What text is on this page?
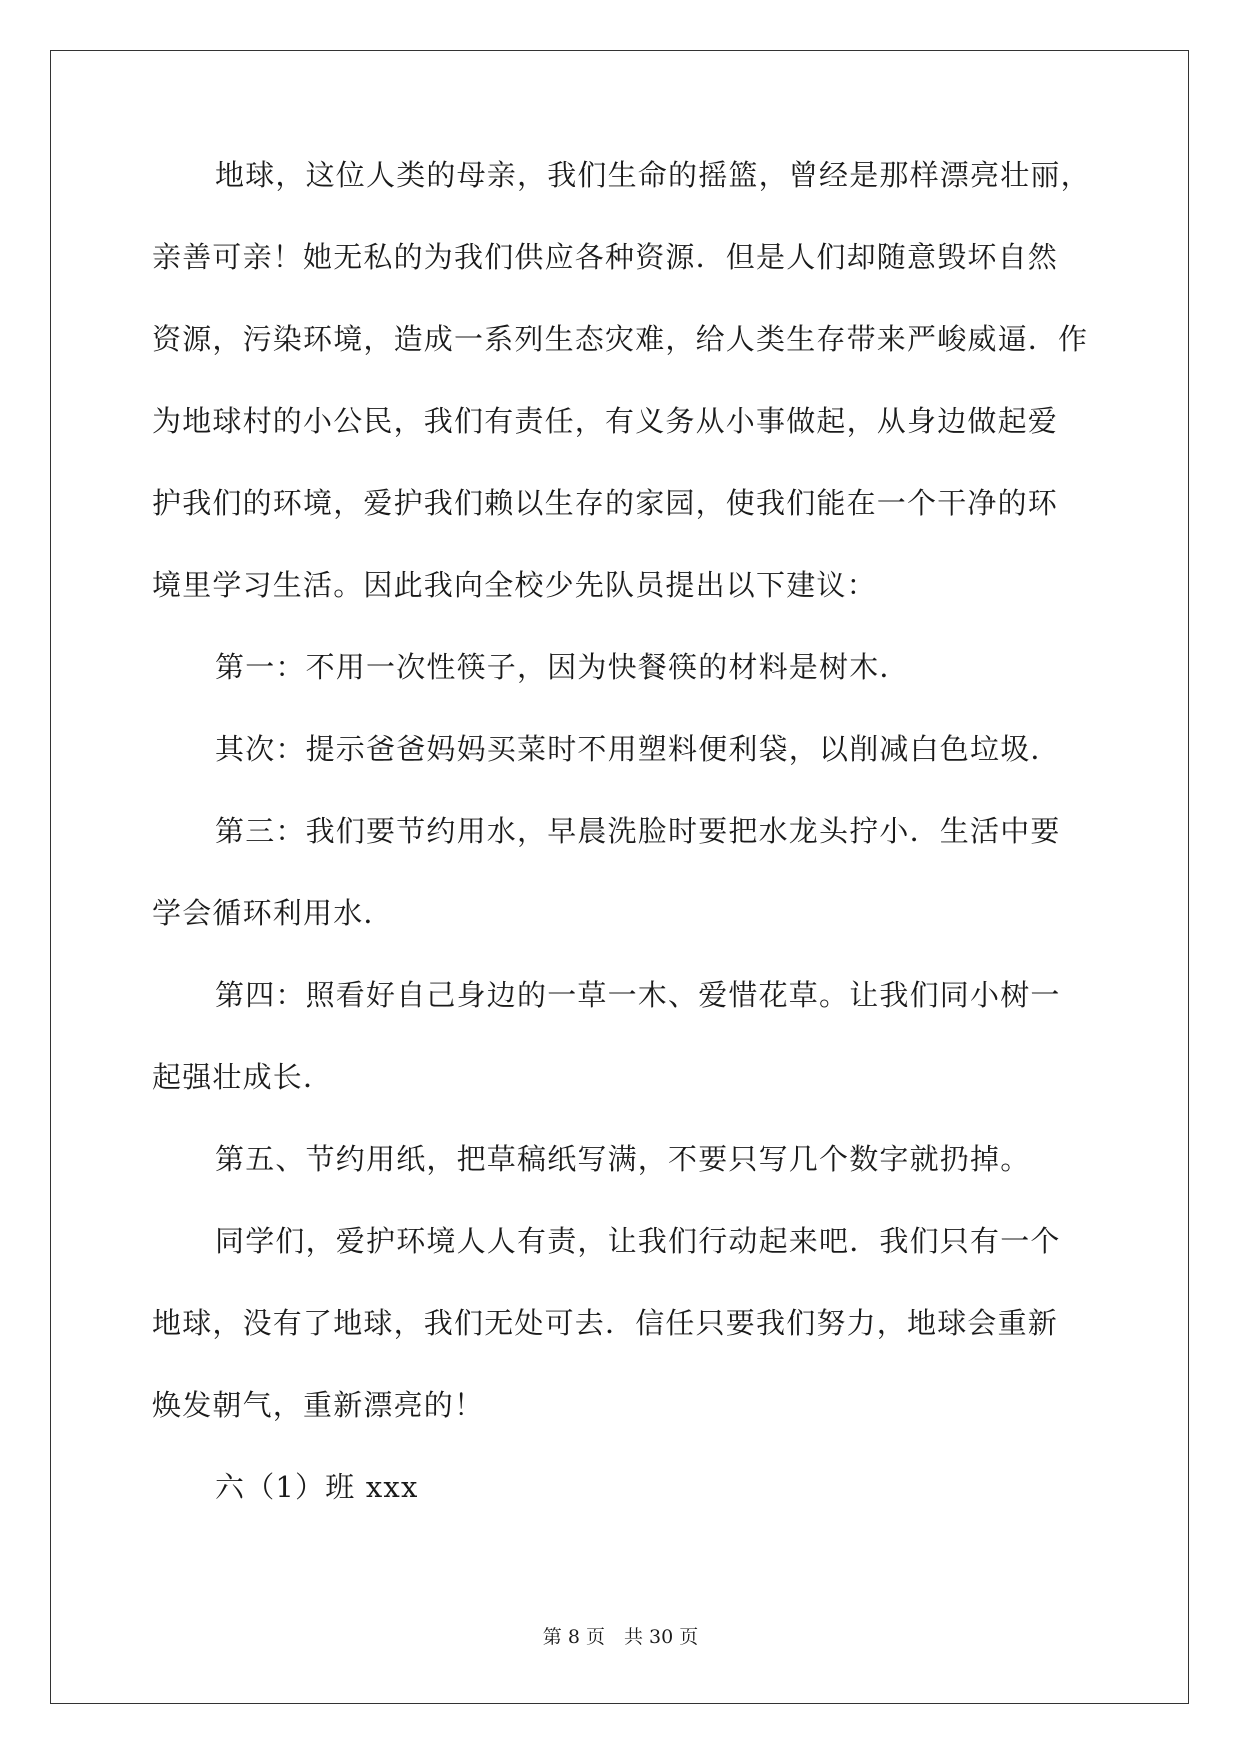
地球，这位人类的母亲，我们生命的摇篮，曾经是那样漂亮壮丽，
亲善可亲！她无私的为我们供应各种资源．但是人们却随意毁坏自然
资源，污染环境，造成一系列生态灾难，给人类生存带来严峻威逼．作
为地球村的小公民，我们有责任，有义务从小事做起，从身边做起爱
护我们的环境，爱护我们赖以生存的家园，使我们能在一个干净的环
境里学习生活。因此我向全校少先队员提出以下建议：
第一：不用一次性筷子，因为快餐筷的材料是树木．
其次：提示爸爸妈妈买菜时不用塑料便利袋，以削减白色垃圾．
第三：我们要节约用水，早晨洗脸时要把水龙头拧小．生活中要
学会循环利用水．
第四：照看好自己身边的一草一木、爱惜花草。让我们同小树一
起强壮成长．
第五、节约用纸，把草稿纸写满，不要只写几个数字就扔掉。
同学们，爱护环境人人有责，让我们行动起来吧．我们只有一个
地球，没有了地球，我们无处可去．信任只要我们努力，地球会重新
焕发朝气，重新漂亮的！
六（1）班 xxx
第 8 页　共 30 页
